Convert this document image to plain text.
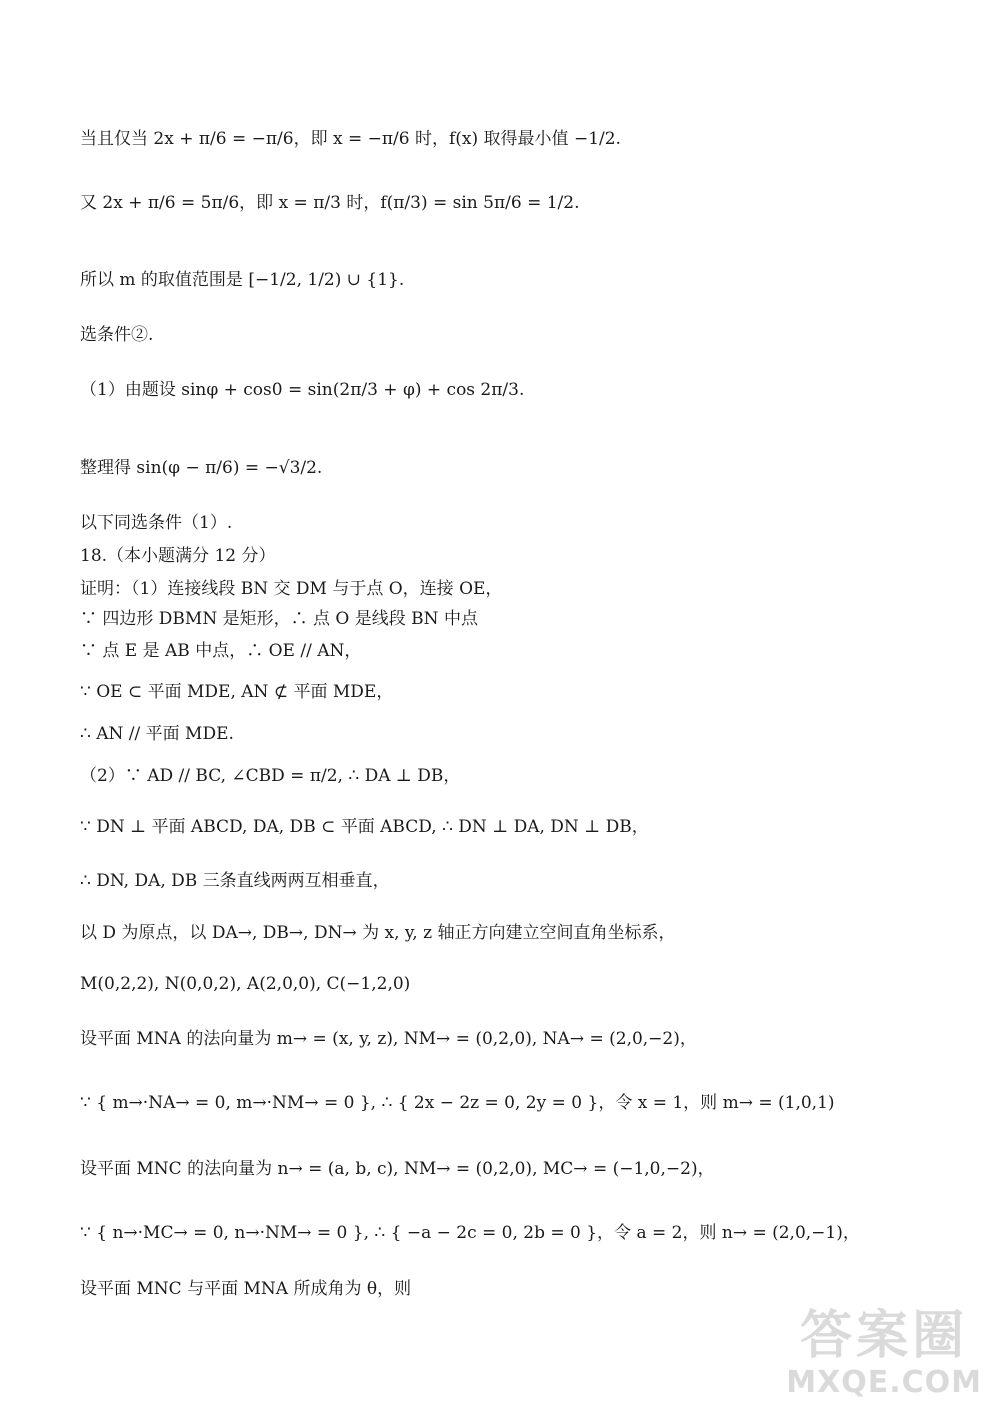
当且仅当 2x + π/6 = −π/6，即 x = −π/6 时，f(x) 取得最小值 −1/2.
又 2x + π/6 = 5π/6，即 x = π/3 时，f(π/3) = sin 5π/6 = 1/2.
所以 m 的取值范围是 [−1/2, 1/2) ∪ {1}.
选条件②.
（1）由题设 sinφ + cos0 = sin(2π/3 + φ) + cos 2π/3.
整理得 sin(φ − π/6) = −√3/2.
以下同选条件（1）.
18.（本小题满分 12 分）
证明：（1）连接线段 BN 交 DM 与于点 O，连接 OE，
∵ 四边形 DBMN 是矩形，∴ 点 O 是线段 BN 中点
∵ 点 E 是 AB 中点，∴ OE // AN，
∵ OE ⊂ 平面 MDE, AN ⊄ 平面 MDE，
∴ AN // 平面 MDE.
（2）∵ AD // BC, ∠CBD = π/2, ∴ DA ⊥ DB，
∵ DN ⊥ 平面 ABCD, DA, DB ⊂ 平面 ABCD, ∴ DN ⊥ DA, DN ⊥ DB，
∴ DN, DA, DB 三条直线两两互相垂直，
以 D 为原点，以 DA→, DB→, DN→ 为 x, y, z 轴正方向建立空间直角坐标系，
M(0,2,2), N(0,0,2), A(2,0,0), C(−1,2,0)
设平面 MNA 的法向量为 m→ = (x, y, z), NM→ = (0,2,0), NA→ = (2,0,−2)，
∵ { m→·NA→ = 0, m→·NM→ = 0 }, ∴ { 2x − 2z = 0, 2y = 0 }，令 x = 1，则 m→ = (1,0,1)
设平面 MNC 的法向量为 n→ = (a, b, c), NM→ = (0,2,0), MC→ = (−1,0,−2)，
∵ { n→·MC→ = 0, n→·NM→ = 0 }, ∴ { −a − 2c = 0, 2b = 0 }，令 a = 2，则 n→ = (2,0,−1)，
设平面 MNC 与平面 MNA 所成角为 θ，则
答案圈
MXQE.COM
